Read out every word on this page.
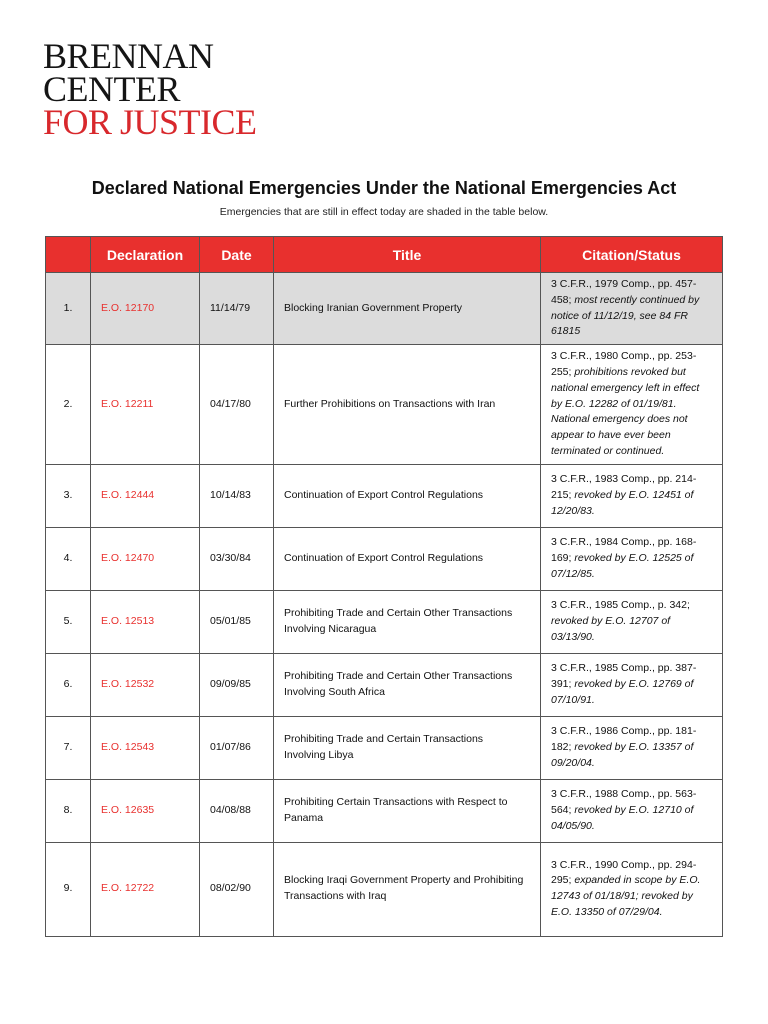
BRENNAN
CENTER
FOR JUSTICE
Declared National Emergencies Under the National Emergencies Act
Emergencies that are still in effect today are shaded in the table below.
	Declaration	Date	Title	Citation/Status
1.	E.O. 12170	11/14/79	Blocking Iranian Government Property	3 C.F.R., 1979 Comp., pp. 457-458; most recently continued by notice of 11/12/19, see 84 FR 61815
2.	E.O. 12211	04/17/80	Further Prohibitions on Transactions with Iran	3 C.F.R., 1980 Comp., pp. 253-255; prohibitions revoked but national emergency left in effect by E.O. 12282 of 01/19/81. National emergency does not appear to have ever been terminated or continued.
3.	E.O. 12444	10/14/83	Continuation of Export Control Regulations	3 C.F.R., 1983 Comp., pp. 214-215; revoked by E.O. 12451 of 12/20/83.
4.	E.O. 12470	03/30/84	Continuation of Export Control Regulations	3 C.F.R., 1984 Comp., pp. 168-169; revoked by E.O. 12525 of 07/12/85.
5.	E.O. 12513	05/01/85	Prohibiting Trade and Certain Other Transactions Involving Nicaragua	3 C.F.R., 1985 Comp., p. 342; revoked by E.O. 12707 of 03/13/90.
6.	E.O. 12532	09/09/85	Prohibiting Trade and Certain Other Transactions Involving South Africa	3 C.F.R., 1985 Comp., pp. 387-391; revoked by E.O. 12769 of 07/10/91.
7.	E.O. 12543	01/07/86	Prohibiting Trade and Certain Transactions Involving Libya	3 C.F.R., 1986 Comp., pp. 181-182; revoked by E.O. 13357 of 09/20/04.
8.	E.O. 12635	04/08/88	Prohibiting Certain Transactions with Respect to Panama	3 C.F.R., 1988 Comp., pp. 563-564; revoked by E.O. 12710 of 04/05/90.
9.	E.O. 12722	08/02/90	Blocking Iraqi Government Property and Prohibiting Transactions with Iraq	3 C.F.R., 1990 Comp., pp. 294-295; expanded in scope by E.O. 12743 of 01/18/91; revoked by E.O. 13350 of 07/29/04.
